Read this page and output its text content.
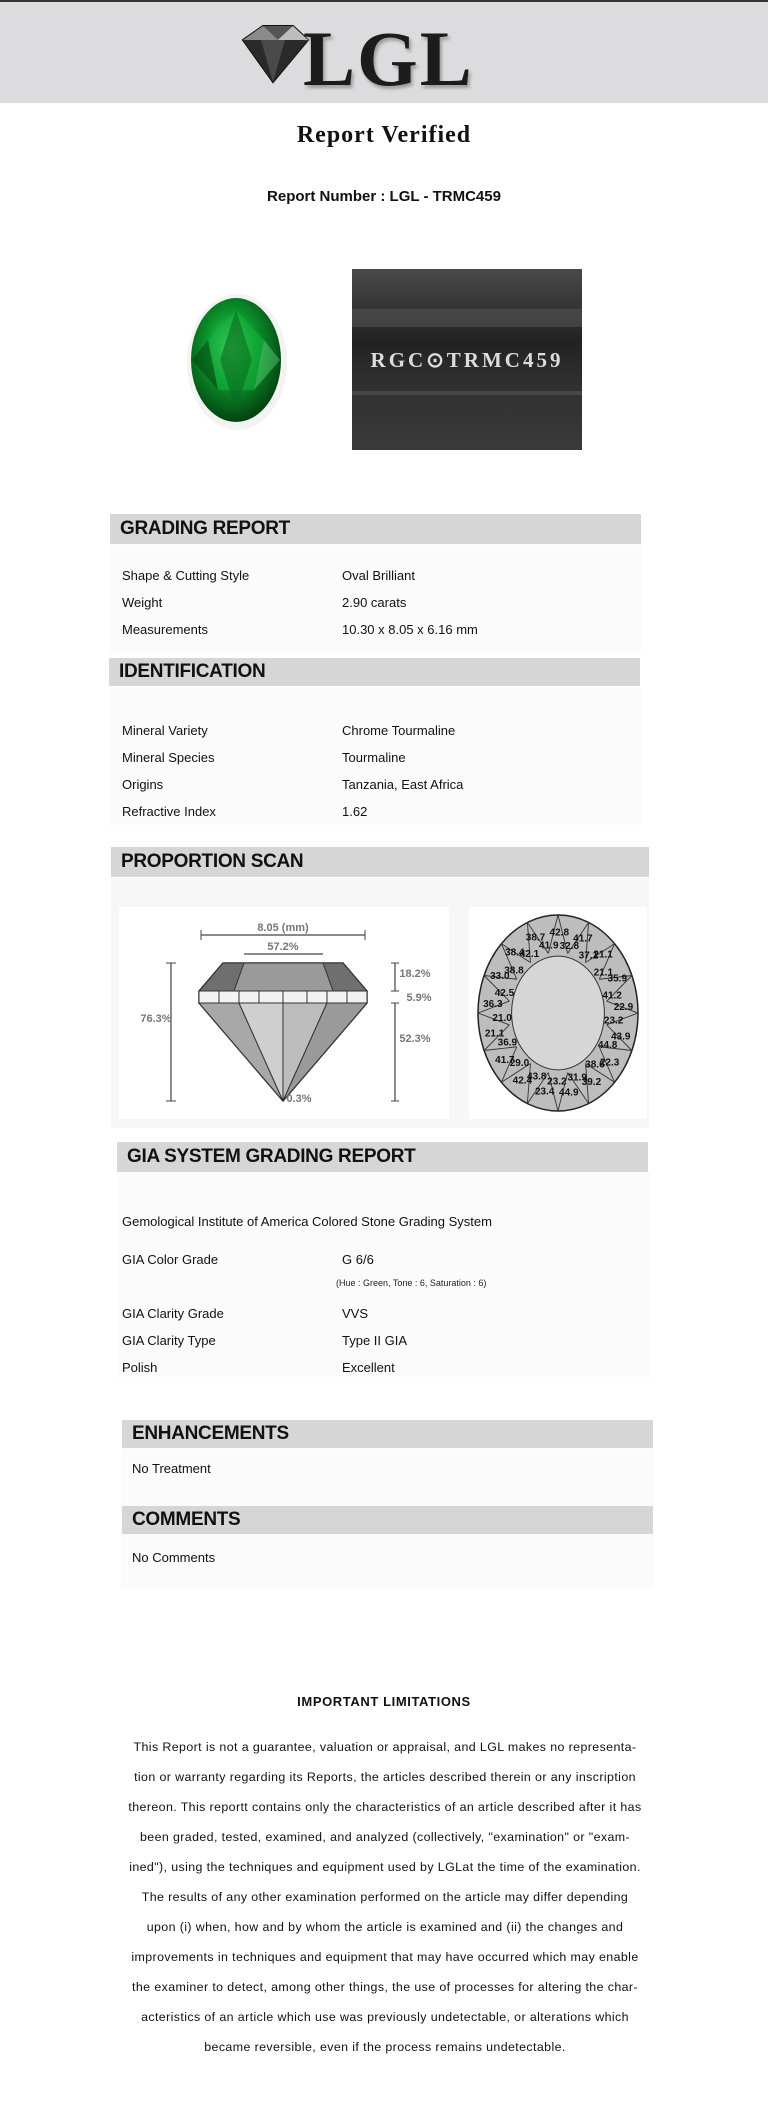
LGL
Report Verified
Report Number : LGL - TRMC459
RGC⊙TRMC459
GRADING REPORT
Shape & Cutting Style	Oval Brilliant
Weight	2.90 carats
Measurements	10.30 x 8.05 x 6.16 mm
IDENTIFICATION
Mineral Variety	Chrome Tourmaline
Mineral Species	Tourmaline
Origins	Tanzania, East Africa
Refractive Index	1.62
PROPORTION SCAN
8.05 (mm)
57.2%
76.3%
18.2%
5.9%
52.3%
0.3%
38.7
41.9
42.8
32.8
41.7
37.1
21.1
21.1
35.9
41.2
22.9
23.2
43.9
44.8
22.3
38.6
39.2
31.9
44.9
23.2
23.4
43.8
42.4
29.0
41.7
36.9
21.1
21.0
36.3
42.5
33.0
38.8
38.4
42.1
GIA SYSTEM GRADING REPORT
Gemological Institute of America Colored Stone Grading System
GIA Color Grade	G 6/6
(Hue : Green, Tone : 6, Saturation : 6)
GIA Clarity Grade	VVS
GIA Clarity Type	Type II GIA
Polish	Excellent
ENHANCEMENTS
No Treatment
COMMENTS
No Comments
IMPORTANT LIMITATIONS
This Report is not a guarantee, valuation or appraisal, and LGL makes no representa-
tion or warranty regarding its Reports, the articles described therein or any inscription
thereon. This reportt contains only the characteristics of an article described after it has
been graded, tested, examined, and analyzed (collectively, "examination" or "exam-
ined"), using the techniques and equipment used by LGLat the time of the examination.
The results of any other examination performed on the article may differ depending
upon (i) when, how and by whom the article is examined and (ii) the changes and
improvements in techniques and equipment that may have occurred which may enable
the examiner to detect, among other things, the use of processes for altering the char-
acteristics of an article which use was previously undetectable, or alterations which
became reversible, even if the process remains undetectable.
